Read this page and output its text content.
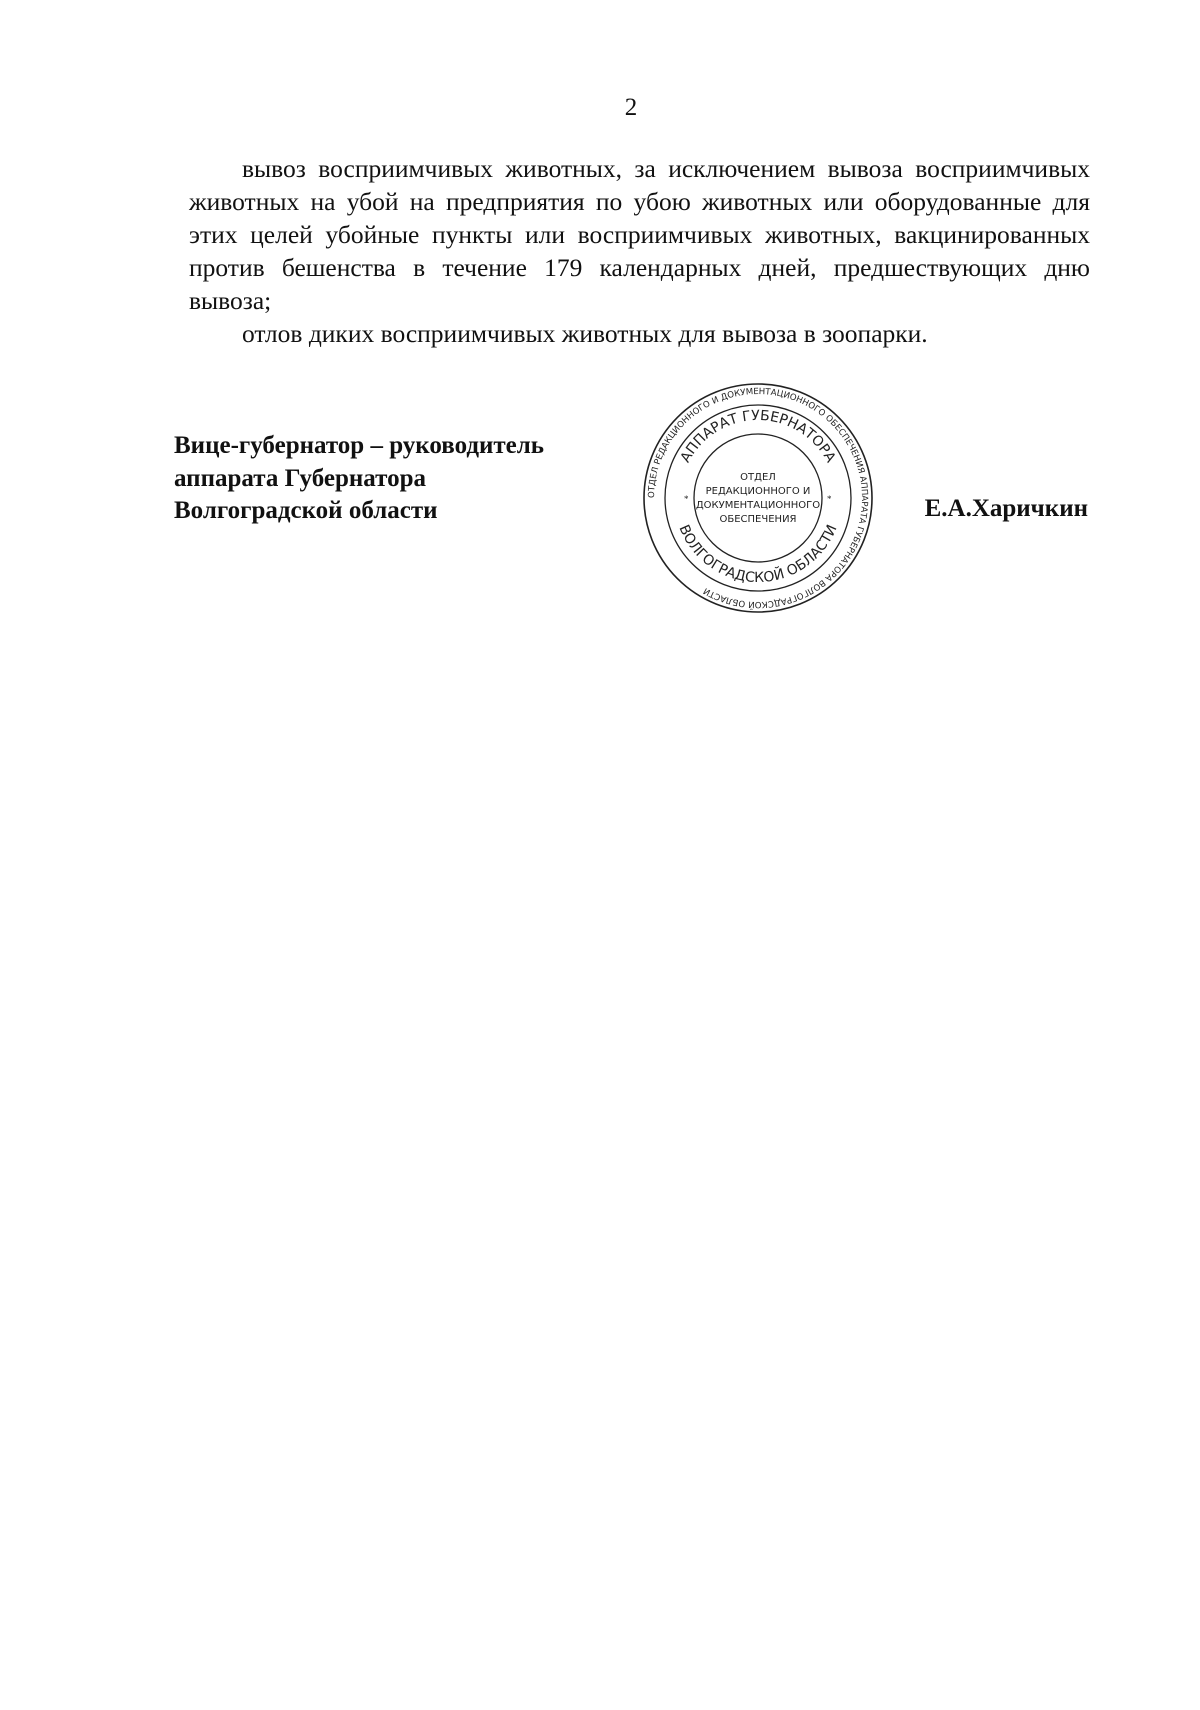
2

вывоз восприимчивых животных, за исключением вывоза восприимчивых животных на убой на предприятия по убою животных или оборудованные для этих целей убойные пункты или восприимчивых животных, вакцинированных против бешенства в течение 179 календарных дней, предшествующих дню вывоза;

отлов диких восприимчивых животных для вывоза в зоопарки.

Вице-губернатор – руководитель
аппарата Губернатора
Волгоградской области	Е.А.Харичкин
ОТДЕЛ РЕДАКЦИОННОГО И ДОКУМЕНТАЦИОННОГО ОБЕСПЕЧЕНИЯ АППАРАТА ГУБЕРНАТОРА ВОЛГОГРАДСКОЙ ОБЛАСТИ
АППАРАТ ГУБЕРНАТОРА
ВОЛГОГРАДСКОЙ ОБЛАСТИ
*	*
ОТДЕЛ
РЕДАКЦИОННОГО И
ДОКУМЕНТАЦИОННОГО
ОБЕСПЕЧЕНИЯ
